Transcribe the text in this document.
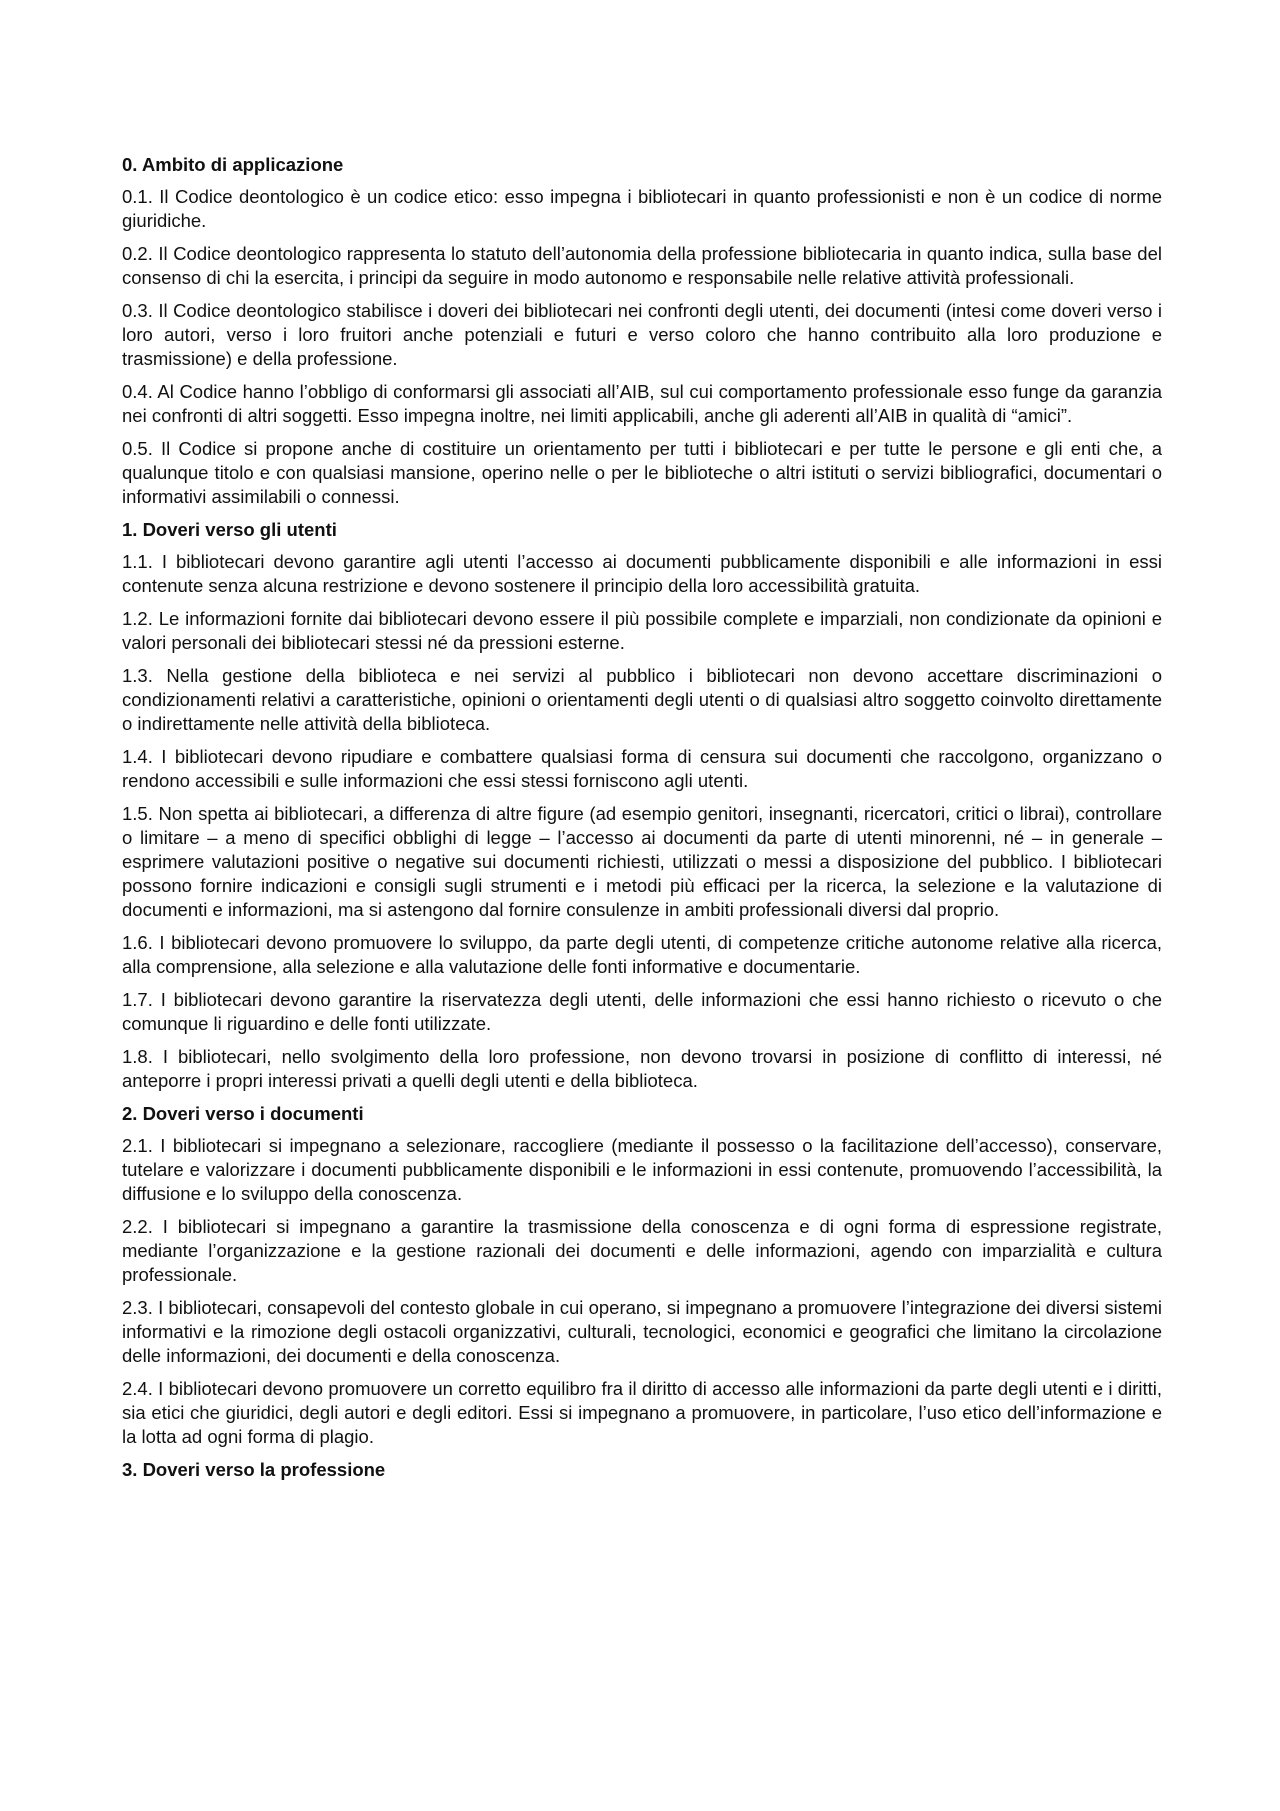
0. Ambito di applicazione

0.1. Il Codice deontologico è un codice etico: esso impegna i bibliotecari in quanto professionisti e non è un codice di norme giuridiche.

0.2. Il Codice deontologico rappresenta lo statuto dell’autonomia della professione bibliotecaria in quanto indica, sulla base del consenso di chi la esercita, i principi da seguire in modo autonomo e responsabile nelle relative attività professionali.

0.3. Il Codice deontologico stabilisce i doveri dei bibliotecari nei confronti degli utenti, dei documenti (intesi come doveri verso i loro autori, verso i loro fruitori anche potenziali e futuri e verso coloro che hanno contribuito alla loro produzione e trasmissione) e della professione.

0.4. Al Codice hanno l’obbligo di conformarsi gli associati all’AIB, sul cui comportamento professionale esso funge da garanzia nei confronti di altri soggetti. Esso impegna inoltre, nei limiti applicabili, anche gli aderenti all’AIB in qualità di “amici”.

0.5. Il Codice si propone anche di costituire un orientamento per tutti i bibliotecari e per tutte le persone e gli enti che, a qualunque titolo e con qualsiasi mansione, operino nelle o per le biblioteche o altri istituti o servizi bibliografici, documentari o informativi assimilabili o connessi.

1. Doveri verso gli utenti

1.1. I bibliotecari devono garantire agli utenti l’accesso ai documenti pubblicamente disponibili e alle informazioni in essi contenute senza alcuna restrizione e devono sostenere il principio della loro accessibilità gratuita.

1.2. Le informazioni fornite dai bibliotecari devono essere il più possibile complete e imparziali, non condizionate da opinioni e valori personali dei bibliotecari stessi né da pressioni esterne.

1.3. Nella gestione della biblioteca e nei servizi al pubblico i bibliotecari non devono accettare discriminazioni o condizionamenti relativi a caratteristiche, opinioni o orientamenti degli utenti o di qualsiasi altro soggetto coinvolto direttamente o indirettamente nelle attività della biblioteca.

1.4. I bibliotecari devono ripudiare e combattere qualsiasi forma di censura sui documenti che raccolgono, organizzano o rendono accessibili e sulle informazioni che essi stessi forniscono agli utenti.

1.5. Non spetta ai bibliotecari, a differenza di altre figure (ad esempio genitori, insegnanti, ricercatori, critici o librai), controllare o limitare – a meno di specifici obblighi di legge – l’accesso ai documenti da parte di utenti minorenni, né – in generale – esprimere valutazioni positive o negative sui documenti richiesti, utilizzati o messi a disposizione del pubblico. I bibliotecari possono fornire indicazioni e consigli sugli strumenti e i metodi più efficaci per la ricerca, la selezione e la valutazione di documenti e informazioni, ma si astengono dal fornire consulenze in ambiti professionali diversi dal proprio.

1.6. I bibliotecari devono promuovere lo sviluppo, da parte degli utenti, di competenze critiche autonome relative alla ricerca, alla comprensione, alla selezione e alla valutazione delle fonti informative e documentarie.

1.7. I bibliotecari devono garantire la riservatezza degli utenti, delle informazioni che essi hanno richiesto o ricevuto o che comunque li riguardino e delle fonti utilizzate.

1.8. I bibliotecari, nello svolgimento della loro professione, non devono trovarsi in posizione di conflitto di interessi, né anteporre i propri interessi privati a quelli degli utenti e della biblioteca.

2. Doveri verso i documenti

2.1. I bibliotecari si impegnano a selezionare, raccogliere (mediante il possesso o la facilitazione dell’accesso), conservare, tutelare e valorizzare i documenti pubblicamente disponibili e le informazioni in essi contenute, promuovendo l’accessibilità, la diffusione e lo sviluppo della conoscenza.

2.2. I bibliotecari si impegnano a garantire la trasmissione della conoscenza e di ogni forma di espressione registrate, mediante l’organizzazione e la gestione razionali dei documenti e delle informazioni, agendo con imparzialità e cultura professionale.

2.3. I bibliotecari, consapevoli del contesto globale in cui operano, si impegnano a promuovere l’integrazione dei diversi sistemi informativi e la rimozione degli ostacoli organizzativi, culturali, tecnologici, economici e geografici che limitano la circolazione delle informazioni, dei documenti e della conoscenza.

2.4. I bibliotecari devono promuovere un corretto equilibro fra il diritto di accesso alle informazioni da parte degli utenti e i diritti, sia etici che giuridici, degli autori e degli editori. Essi si impegnano a promuovere, in particolare, l’uso etico dell’informazione e la lotta ad ogni forma di plagio.

3. Doveri verso la professione
